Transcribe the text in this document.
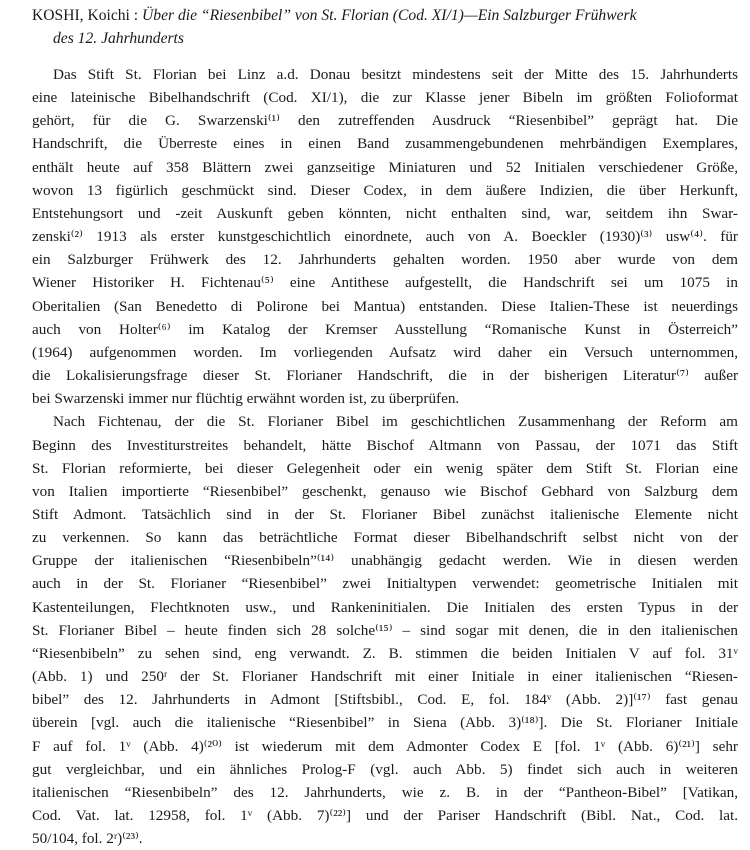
KOSHI, Koichi : Über die “Riesenbibel” von St. Florian (Cod. XI/1)—Ein Salzburger Frühwerk
des 12. Jahrhunderts
Das Stift St. Florian bei Linz a.d. Donau besitzt mindestens seit der Mitte des 15. Jahrhunderts
eine lateinische Bibelhandschrift (Cod. XI/1), die zur Klasse jener Bibeln im größten Folioformat
gehört, für die G. Swarzenski⁽¹⁾ den zutreffenden Ausdruck “Riesenbibel” geprägt hat. Die
Handschrift, die Überreste eines in einen Band zusammengebundenen mehrbändigen Exemplares,
enthält heute auf 358 Blättern zwei ganzseitige Miniaturen und 52 Initialen verschiedener Größe,
wovon 13 figürlich geschmückt sind. Dieser Codex, in dem äußere Indizien, die über Herkunft,
Entstehungsort und -zeit Auskunft geben könnten, nicht enthalten sind, war, seitdem ihn Swar-
zenski⁽²⁾ 1913 als erster kunstgeschichtlich einordnete, auch von A. Boeckler (1930)⁽³⁾ usw⁽⁴⁾. für
ein Salzburger Frühwerk des 12. Jahrhunderts gehalten worden. 1950 aber wurde von dem
Wiener Historiker H. Fichtenau⁽⁵⁾ eine Antithese aufgestellt, die Handschrift sei um 1075 in
Oberitalien (San Benedetto di Polirone bei Mantua) entstanden. Diese Italien-These ist neuerdings
auch von Holter⁽⁶⁾ im Katalog der Kremser Ausstellung “Romanische Kunst in Österreich”
(1964) aufgenommen worden. Im vorliegenden Aufsatz wird daher ein Versuch unternommen,
die Lokalisierungsfrage dieser St. Florianer Handschrift, die in der bisherigen Literatur⁽⁷⁾ außer
bei Swarzenski immer nur flüchtig erwähnt worden ist, zu überprüfen.
Nach Fichtenau, der die St. Florianer Bibel im geschichtlichen Zusammenhang der Reform am
Beginn des Investiturstreites behandelt, hätte Bischof Altmann von Passau, der 1071 das Stift
St. Florian reformierte, bei dieser Gelegenheit oder ein wenig später dem Stift St. Florian eine
von Italien importierte “Riesenbibel” geschenkt, genauso wie Bischof Gebhard von Salzburg dem
Stift Admont. Tatsächlich sind in der St. Florianer Bibel zunächst italienische Elemente nicht
zu verkennen. So kann das beträchtliche Format dieser Bibelhandschrift selbst nicht von der
Gruppe der italienischen “Riesenbibeln”⁽¹⁴⁾ unabhängig gedacht werden. Wie in diesen werden
auch in der St. Florianer “Riesenbibel” zwei Initialtypen verwendet: geometrische Initialen mit
Kastenteilungen, Flechtknoten usw., und Rankeninitialen. Die Initialen des ersten Typus in der
St. Florianer Bibel – heute finden sich 28 solche⁽¹⁵⁾ – sind sogar mit denen, die in den italienischen
“Riesenbibeln” zu sehen sind, eng verwandt. Z. B. stimmen die beiden Initialen V auf fol. 31ᵛ
(Abb. 1) und 250ʳ der St. Florianer Handschrift mit einer Initiale in einer italienischen “Riesen-
bibel” des 12. Jahrhunderts in Admont [Stiftsbibl., Cod. E, fol. 184ᵛ (Abb. 2)]⁽¹⁷⁾ fast genau
überein [vgl. auch die italienische “Riesenbibel” in Siena (Abb. 3)⁽¹⁸⁾]. Die St. Florianer Initiale
F auf fol. 1ᵛ (Abb. 4)⁽²⁰⁾ ist wiederum mit dem Admonter Codex E [fol. 1ᵛ (Abb. 6)⁽²¹⁾] sehr
gut vergleichbar, und ein ähnliches Prolog-F (vgl. auch Abb. 5) findet sich auch in weiteren
italienischen “Riesenbibeln” des 12. Jahrhunderts, wie z. B. in der “Pantheon-Bibel” [Vatikan,
Cod. Vat. lat. 12958, fol. 1ᵛ (Abb. 7)⁽²²⁾] und der Pariser Handschrift (Bibl. Nat., Cod. lat.
50/104, fol. 2ʳ)⁽²³⁾.
